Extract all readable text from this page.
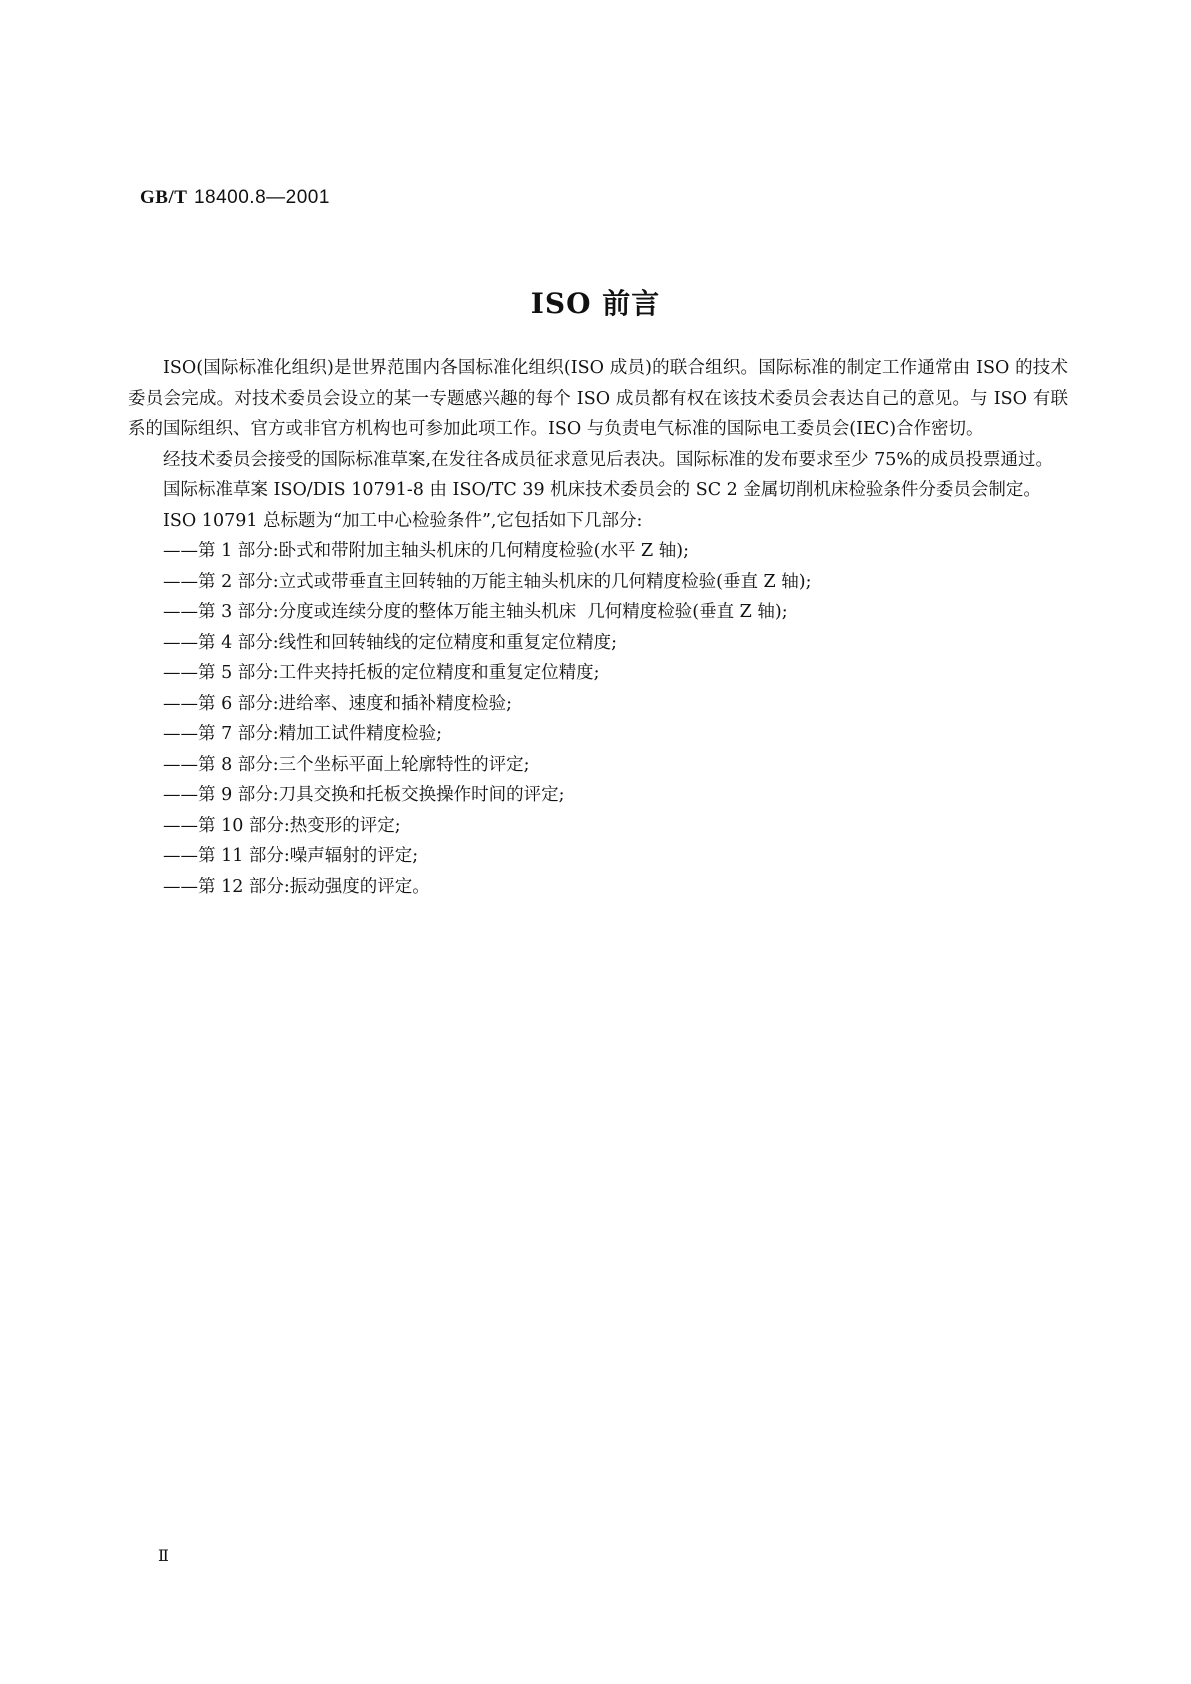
GB/T 18400.8—2001
ISO 前言

ISO(国际标准化组织)是世界范围内各国标准化组织(ISO 成员)的联合组织。国际标准的制定工作通常由 ISO 的技术委员会完成。对技术委员会设立的某一专题感兴趣的每个 ISO 成员都有权在该技术委员会表达自己的意见。与 ISO 有联系的国际组织、官方或非官方机构也可参加此项工作。ISO 与负责电气标准的国际电工委员会(IEC)合作密切。

经技术委员会接受的国际标准草案,在发往各成员征求意见后表决。国际标准的发布要求至少 75%的成员投票通过。

国际标准草案 ISO/DIS 10791-8 由 ISO/TC 39 机床技术委员会的 SC 2 金属切削机床检验条件分委员会制定。

ISO 10791 总标题为“加工中心检验条件”,它包括如下几部分:

——第 1 部分:卧式和带附加主轴头机床的几何精度检验(水平 Z 轴);

——第 2 部分:立式或带垂直主回转轴的万能主轴头机床的几何精度检验(垂直 Z 轴);

——第 3 部分:分度或连续分度的整体万能主轴头机床  几何精度检验(垂直 Z 轴);

——第 4 部分:线性和回转轴线的定位精度和重复定位精度;

——第 5 部分:工件夹持托板的定位精度和重复定位精度;

——第 6 部分:进给率、速度和插补精度检验;

——第 7 部分:精加工试件精度检验;

——第 8 部分:三个坐标平面上轮廓特性的评定;

——第 9 部分:刀具交换和托板交换操作时间的评定;

——第 10 部分:热变形的评定;

——第 11 部分:噪声辐射的评定;

——第 12 部分:振动强度的评定。

Ⅱ
